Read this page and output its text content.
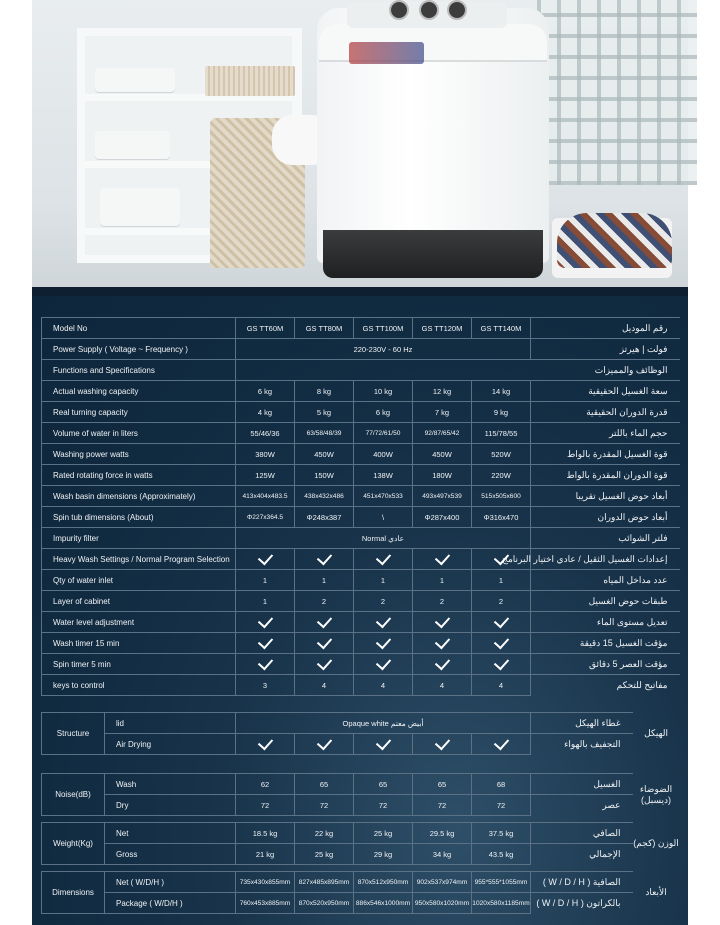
Model No	GS TT60M	GS TT80M	GS TT100M	GS TT120M	GS TT140M	رقم الموديل
Power Supply ( Voltage ~ Frequency )	220-230V - 60 Hz					فولت | هيرتز
Functions and Specifications						الوظائف والمميزات
Actual washing capacity	6 kg	8 kg	10 kg	12 kg	14 kg	سعة الغسيل الحقيقية
Real turning capacity	4 kg	5 kg	6 kg	7 kg	9 kg	قدرة الدوران الحقيقية
Volume of water in liters	55/46/36	63/58/48/39	77/72/61/50	92/87/65/42	115/78/55	حجم الماء باللتر
Washing power watts	380W	450W	400W	450W	520W	قوة الغسيل المقدرة بالواط
Rated rotating force in watts	125W	150W	138W	180W	220W	قوة الدوران المقدرة بالواط
Wash basin dimensions (Approximately)	413x404x483.5	438x432x486	451x470x533	493x497x539	515x505x600	أبعاد حوض الغسيل تقريبا
Spin tub dimensions (About)	Φ227x364.5	Φ248x387	\	Φ287x400	Φ316x470	أبعاد حوض الدوران
Impurity filter	Normal عادي					فلتر الشوائب
Heavy Wash Settings / Normal Program Selection						إعدادات الغسيل الثقيل / عادي اختيار البرنامج
Qty of water inlet	1	1	1	1	1	عدد مداخل المياه
Layer of cabinet	1	2	2	2	2	طبقات حوض الغسيل
Water level adjustment						تعديل مستوى الماء
Wash timer 15 min						مؤقت الغسيل 15 دقيقة
Spin timer 5 min						مؤقت العصر 5 دقائق
keys to control	3	4	4	4	4	مفاتيح للتحكم
Structure	lid	Opaque white أبيض معتم					غطاء الهيكل	الهيكل
	Air Drying						التجفيف بالهواء	
Noise(dB)	Wash	62	65	65	65	68	الغسيل	الضوضاء (ديسبل)
	Dry	72	72	72	72	72	عصر	

Weight(Kg)	Net	18.5 kg	22 kg	25 kg	29.5 kg	37.5 kg	الصافي	الوزن (كجم)
	Gross	21 kg	25 kg	29 kg	34 kg	43.5 kg	الإجمالي	

Dimensions	Net ( W/D/H )	735x430x855mm	827x485x895mm	870x512x950mm	902x537x974mm	955*555*1055mm	الصافية ( W / D / H )	الأبعاد
	Package ( W/D/H )	760x453x885mm	870x520x950mm	886x546x1000mm	950x580x1020mm	1020x580x1185mm	بالكراتون ( W / D / H )	
